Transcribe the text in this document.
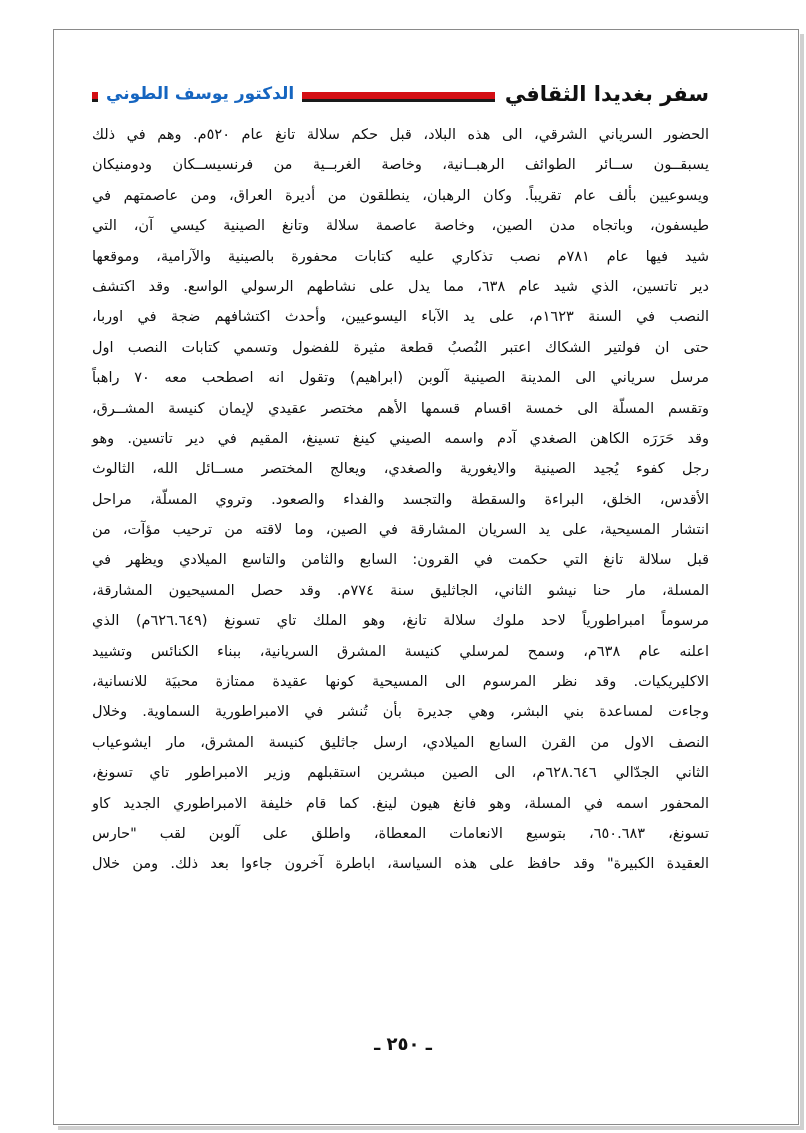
سفر بغديدا الثقافي
الدكتور يوسف الطوني
الحضور السرياني الشرقي، الى هذه البلاد، قبل حكم سلالة تانغ عام ٥٢٠م. وهم في ذلك
يسبقــون ســائر الطوائف الرهبــانية، وخاصة الغربــية من فرنسيســكان ودومنيكان
ويسوعيين بألف عام تقريباً. وكان الرهبان، ينطلقون من أديرة العراق، ومن عاصمتهم في
طيسفون، وباتجاه مدن الصين، وخاصة عاصمة سلالة وتانغ الصينية كيسي آن، التي
شيد فيها عام ٧٨١م نصب تذكاري عليه كتابات محفورة بالصينية والآرامية، وموقعها
دير تاتسين، الذي شيد عام ٦٣٨، مما يدل على نشاطهم الرسولي الواسع. وقد اكتشف
النصب في السنة ١٦٢٣م، على يد الآباء اليسوعيين، وأحدث اكتشافهم ضجة في اوربا،
حتى ان فولتير الشكاك اعتبر النُصبُ قطعة مثيرة للفضول وتسمي كتابات النصب اول
مرسل سرياني الى المدينة الصينية آلوبن (ابراهيم) وتقول انه اصطحب معه ٧٠ راهباً
وتقسم المسلّة الى خمسة اقسام قسمها الأهم مختصر عقيدي لإيمان كنيسة المشــرق،
وقد حَرَرَه الكاهن الصغدي آدم واسمه الصيني كينغ تسينغ، المقيم في دير تاتسين. وهو
رجل كفوء يُجيد الصينية والايغورية والصغدي، ويعالج المختصر مســائل الله، الثالوث
الأقدس، الخلق، البراءة والسقطة والتجسد والفداء والصعود. وتروي المسلّة، مراحل
انتشار المسيحية، على يد السريان المشارقة في الصين، وما لاقته من ترحيب مؤآت، من
قبل سلالة تانغ التي حكمت في القرون: السابع والثامن والتاسع الميلادي ويظهر في
المسلة، مار حنا نيشو الثاني، الجاثليق سنة ٧٧٤م. وقد حصل المسيحيون المشارقة،
مرسوماً امبراطورياً لاحد ملوك سلالة تانغ، وهو الملك تاي تسونغ (٦٢٦.٦٤٩م) الذي
اعلنه عام ٦٣٨م، وسمح لمرسلي كنيسة المشرق السريانية، ببناء الكنائس وتشييد
الاكليريكيات. وقد نظر المرسوم الى المسيحية كونها عقيدة ممتازة محبيَة للانسانية،
وجاءت لمساعدة بني البشر، وهي جديرة بأن تُنشر في الامبراطورية السماوية. وخلال
النصف الاول من القرن السابع الميلادي، ارسل جاثليق كنيسة المشرق، مار ايشوعياب
الثاني الجدّالي ٦٢٨.٦٤٦م، الى الصين مبشرين استقبلهم وزير الامبراطور تاي تسونغ،
المحفور اسمه في المسلة، وهو فانغ هيون لينغ. كما قام خليفة الامبراطوري الجديد كاو
تسونغ، ٦٥٠.٦٨٣، بتوسيع الانعامات المعطاة، واطلق على آلوبن لقب "حارس
العقيدة الكبيرة" وقد حافظ على هذه السياسة، اباطرة آخرون جاءوا بعد ذلك. ومن خلال
ـ ٢٥٠ ـ
